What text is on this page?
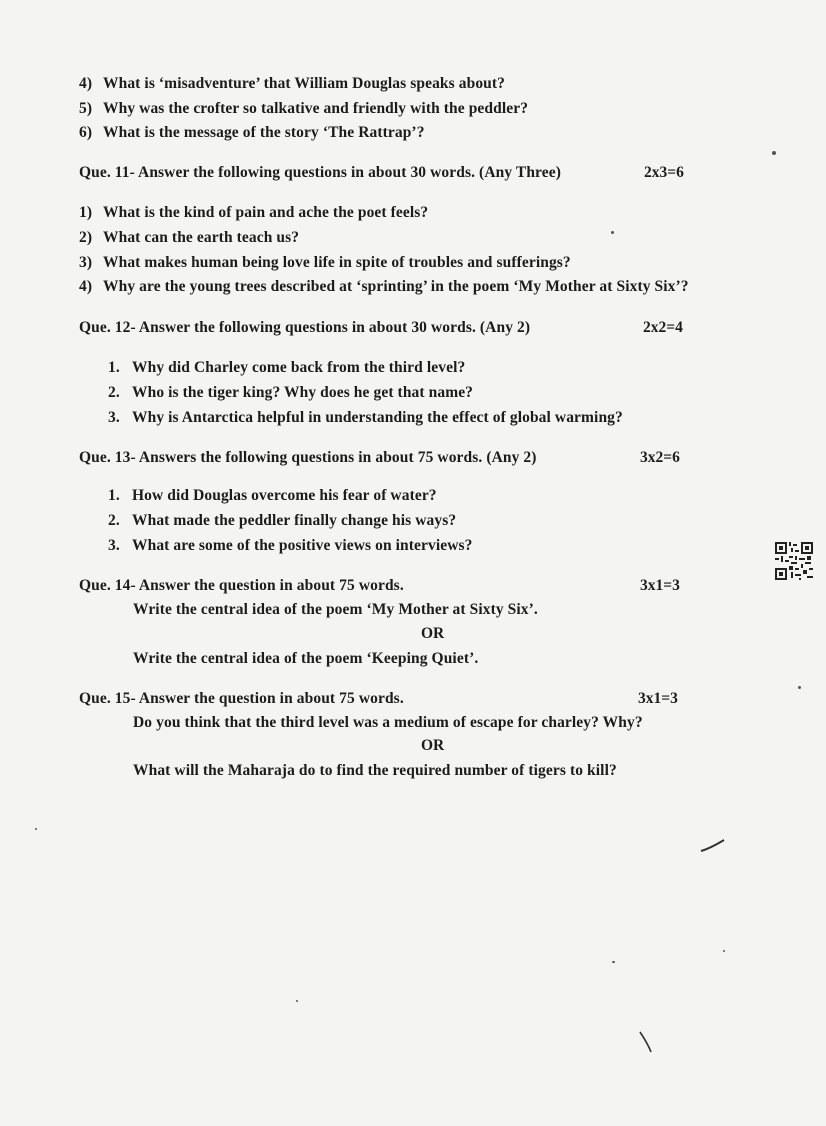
4) What is ‘misadventure’ that William Douglas speaks about?
5) Why was the crofter so talkative and friendly with the peddler?
6) What is the message of the story ‘The Rattrap’?
Que. 11- Answer the following questions in about 30 words. (Any Three)	2x3=6
1) What is the kind of pain and ache the poet feels?
2) What can the earth teach us?
3) What makes human being love life in spite of troubles and sufferings?
4) Why are the young trees described at ‘sprinting’ in the poem ‘My Mother at Sixty Six’?
Que. 12- Answer the following questions in about 30 words. (Any 2)	2x2=4
1. Why did Charley come back from the third level?
2. Who is the tiger king? Why does he get that name?
3. Why is Antarctica helpful in understanding the effect of global warming?
Que. 13- Answers the following questions in about 75 words. (Any 2)	3x2=6
1. How did Douglas overcome his fear of water?
2. What made the peddler finally change his ways?
3. What are some of the positive views on interviews?
Que. 14- Answer the question in about 75 words.	3x1=3
Write the central idea of the poem ‘My Mother at Sixty Six’.
OR
Write the central idea of the poem ‘Keeping Quiet’.
Que. 15- Answer the question in about 75 words.	3x1=3
Do you think that the third level was a medium of escape for charley? Why?
OR
What will the Maharaja do to find the required number of tigers to kill?
